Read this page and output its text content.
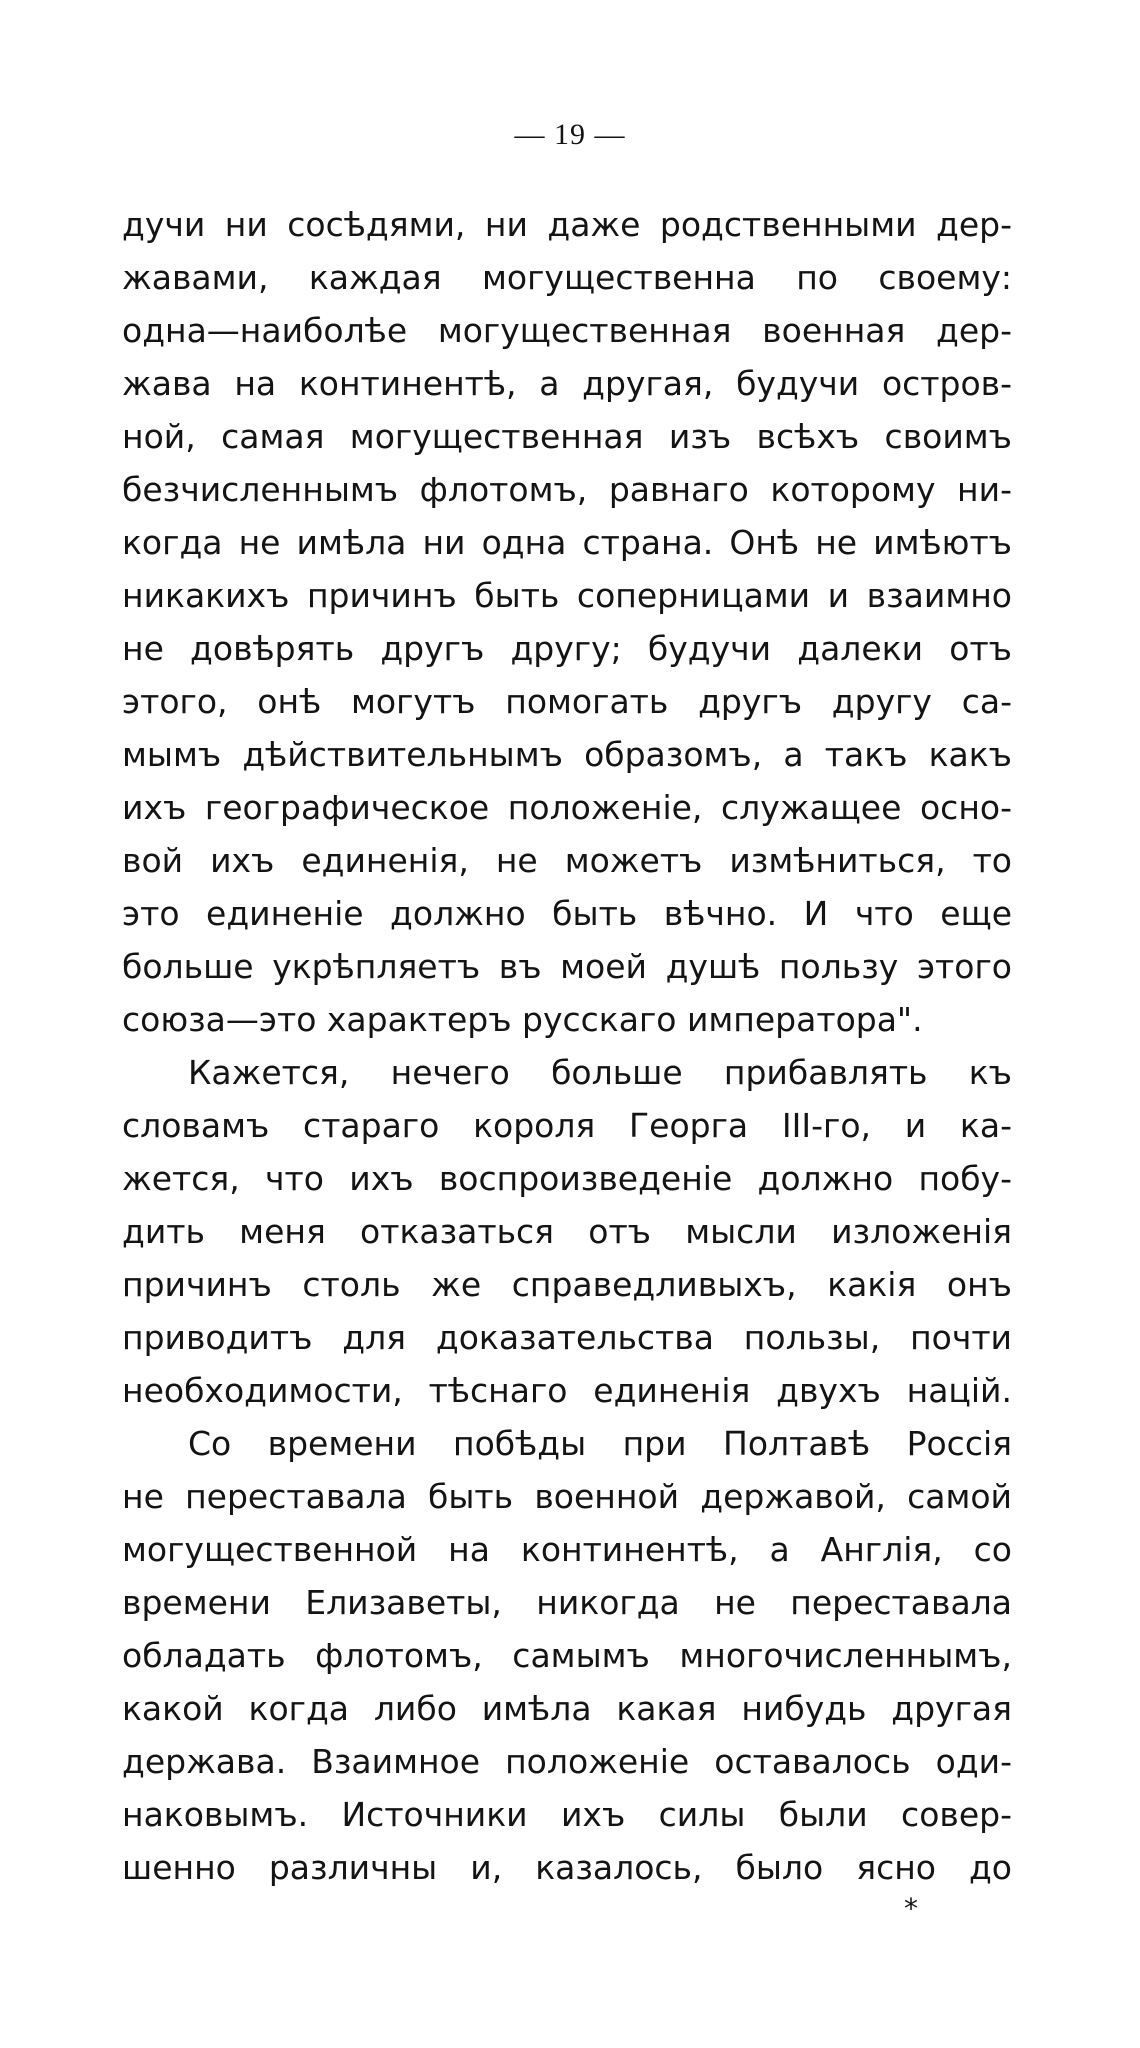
— 19 —
дучи ни сосѣдями, ни даже родственными дер-
жавами, каждая могущественна по своему:
одна—наиболѣе могущественная военная дер-
жава на континентѣ, а другая, будучи остров-
ной, самая могущественная изъ всѣхъ своимъ
безчисленнымъ флотомъ, равнаго которому ни-
когда не имѣла ни одна страна. Онѣ не имѣютъ
никакихъ причинъ быть соперницами и взаимно
не довѣрять другъ другу; будучи далеки отъ
этого, онѣ могутъ помогать другъ другу са-
мымъ дѣйствительнымъ образомъ, а такъ какъ
ихъ географическое положеніе, служащее осно-
вой ихъ единенія, не можетъ измѣниться, то
это единеніе должно быть вѣчно. И что еще
больше укрѣпляетъ въ моей душѣ пользу этого
союза—это характеръ русскаго императора".
Кажется, нечего больше прибавлять къ
словамъ стараго короля Георга III-го, и ка-
жется, что ихъ воспроизведеніе должно побу-
дить меня отказаться отъ мысли изложенія
причинъ столь же справедливыхъ, какія онъ
приводитъ для доказательства пользы, почти
необходимости, тѣснаго единенія двухъ націй.
Со времени побѣды при Полтавѣ Россія
не переставала быть военной державой, самой
могущественной на континентѣ, а Англія, со
времени Елизаветы, никогда не переставала
обладать флотомъ, самымъ многочисленнымъ,
какой когда либо имѣла какая нибудь другая
держава. Взаимное положеніе оставалось оди-
наковымъ. Источники ихъ силы были совер-
шенно различны и, казалось, было ясно до
*
